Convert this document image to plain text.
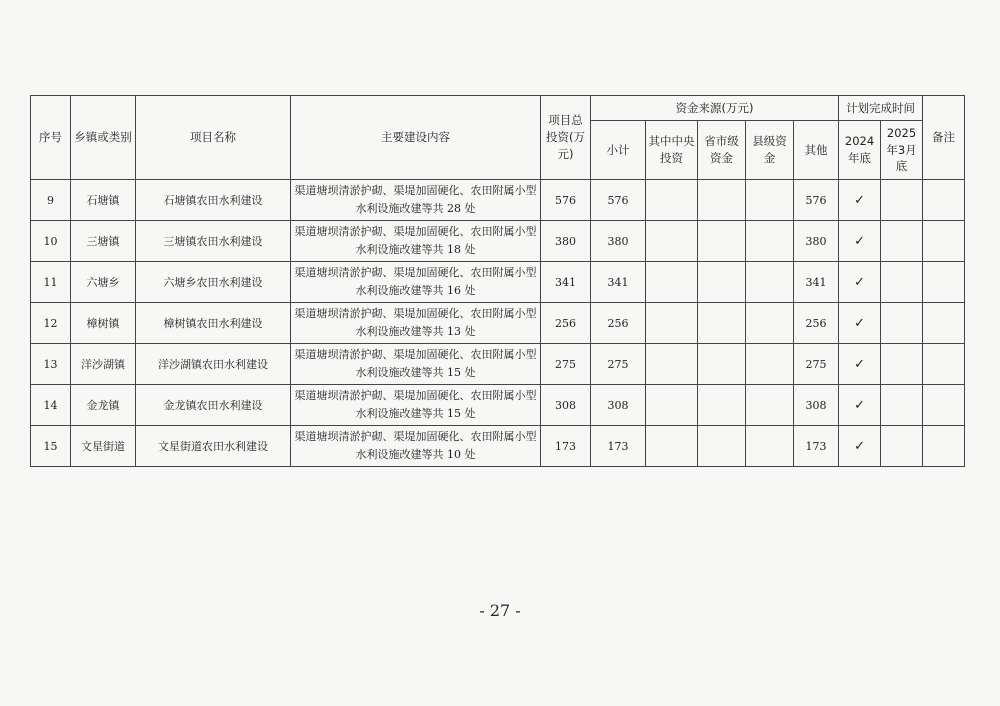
序号	乡镇或类别	项目名称	主要建设内容	项目总投资(万元)	资金来源(万元)					计划完成时间		备注
					小计	其中中央投资	省市级资金	县级资金	其他	2024年底	2025年3月底	
9	石塘镇	石塘镇农田水利建设	渠道塘坝清淤护砌、渠堤加固硬化、农田附属小型水利设施改建等共 28 处	576	576				576	✓		
10	三塘镇	三塘镇农田水利建设	渠道塘坝清淤护砌、渠堤加固硬化、农田附属小型水利设施改建等共 18 处	380	380				380	✓		
11	六塘乡	六塘乡农田水利建设	渠道塘坝清淤护砌、渠堤加固硬化、农田附属小型水利设施改建等共 16 处	341	341				341	✓		
12	樟树镇	樟树镇农田水利建设	渠道塘坝清淤护砌、渠堤加固硬化、农田附属小型水利设施改建等共 13 处	256	256				256	✓		
13	洋沙湖镇	洋沙湖镇农田水利建设	渠道塘坝清淤护砌、渠堤加固硬化、农田附属小型水利设施改建等共 15 处	275	275				275	✓		
14	金龙镇	金龙镇农田水利建设	渠道塘坝清淤护砌、渠堤加固硬化、农田附属小型水利设施改建等共 15 处	308	308				308	✓		
15	文星街道	文星街道农田水利建设	渠道塘坝清淤护砌、渠堤加固硬化、农田附属小型水利设施改建等共 10 处	173	173				173	✓		
- 27 -
